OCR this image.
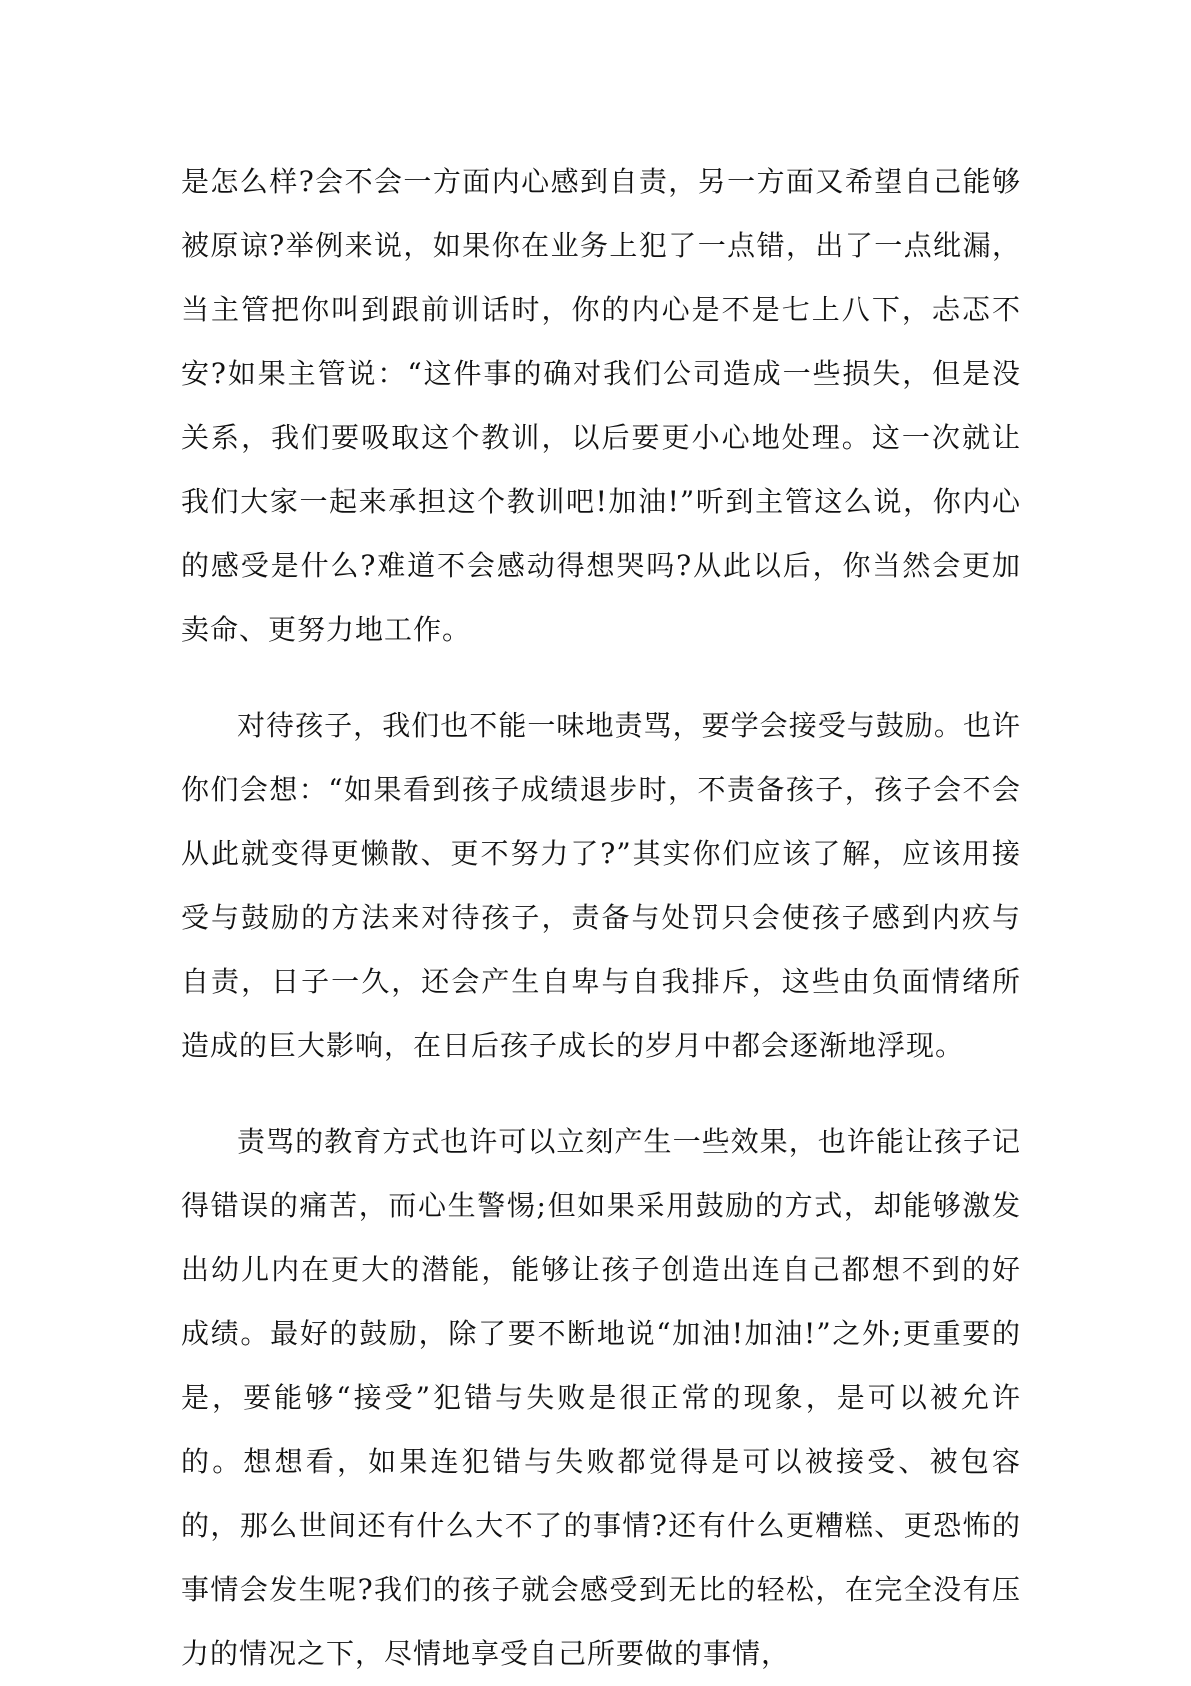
是怎么样?会不会一方面内心感到自责，另一方面又希望自己能够被原谅?举例来说，如果你在业务上犯了一点错，出了一点纰漏，当主管把你叫到跟前训话时，你的内心是不是七上八下，忐忑不安?如果主管说：“这件事的确对我们公司造成一些损失，但是没关系，我们要吸取这个教训，以后要更小心地处理。这一次就让我们大家一起来承担这个教训吧!加油!”听到主管这么说，你内心的感受是什么?难道不会感动得想哭吗?从此以后，你当然会更加卖命、更努力地工作。

对待孩子，我们也不能一味地责骂，要学会接受与鼓励。也许你们会想：“如果看到孩子成绩退步时，不责备孩子，孩子会不会从此就变得更懒散、更不努力了?”其实你们应该了解，应该用接受与鼓励的方法来对待孩子，责备与处罚只会使孩子感到内疚与自责，日子一久，还会产生自卑与自我排斥，这些由负面情绪所造成的巨大影响，在日后孩子成长的岁月中都会逐渐地浮现。

责骂的教育方式也许可以立刻产生一些效果，也许能让孩子记得错误的痛苦，而心生警惕;但如果采用鼓励的方式，却能够激发出幼儿内在更大的潜能，能够让孩子创造出连自己都想不到的好成绩。最好的鼓励，除了要不断地说“加油!加油!”之外;更重要的是，要能够“接受”犯错与失败是很正常的现象，是可以被允许的。想想看，如果连犯错与失败都觉得是可以被接受、被包容的，那么世间还有什么大不了的事情?还有什么更糟糕、更恐怖的事情会发生呢?我们的孩子就会感受到无比的轻松，在完全没有压力的情况之下，尽情地享受自己所要做的事情，
